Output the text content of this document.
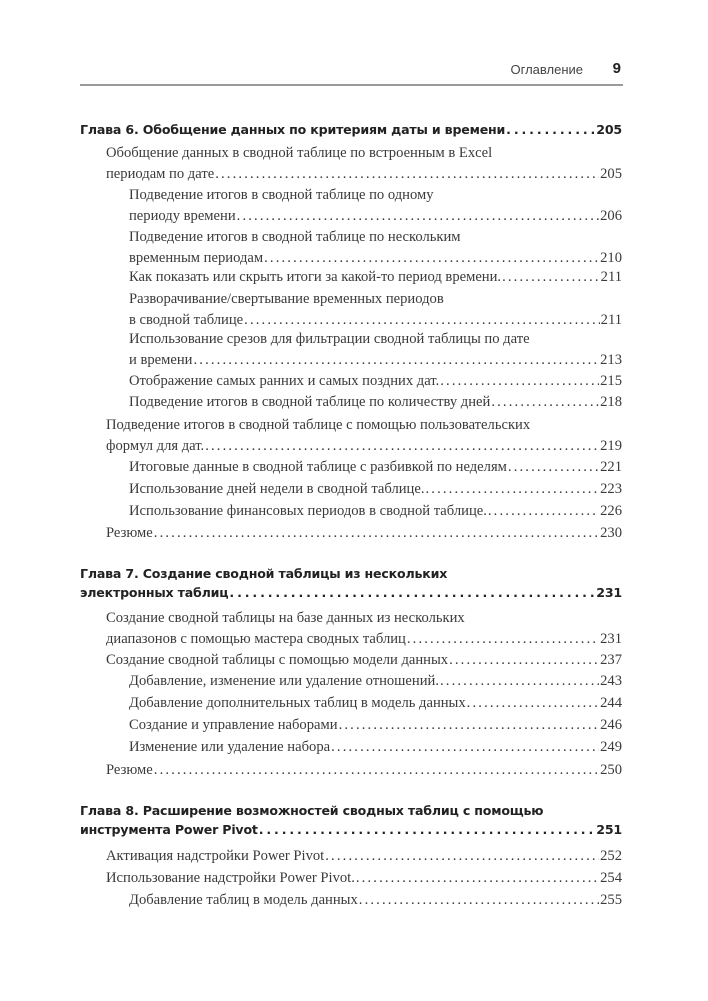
Оглавление 9
Глава 6. Обобщение данных по критериям даты и времени . . .	205
Обобщение данных в сводной таблице по встроенным в Excel
периодам по дате . . .	205
Подведение итогов в сводной таблице по одному
периоду времени . . .	206
Подведение итогов в сводной таблице по нескольким
временным периодам . . .	210
Как показать или скрыть итоги за какой-то период времени. . . .	211
Разворачивание/свертывание временных периодов
в сводной таблице . . .	211
Использование срезов для фильтрации сводной таблицы по дате
и времени . . .	213
Отображение самых ранних и самых поздних дат. . . .	215
Подведение итогов в сводной таблице по количеству дней . . .	218
Подведение итогов в сводной таблице с помощью пользовательских
формул для дат. . . .	219
Итоговые данные в сводной таблице с разбивкой по неделям . . .	221
Использование дней недели в сводной таблице. . . .	223
Использование финансовых периодов в сводной таблице. . . .	226
Резюме . . .	230
Глава 7. Создание сводной таблицы из нескольких
электронных таблиц . . .	231
Создание сводной таблицы на базе данных из нескольких
диапазонов с помощью мастера сводных таблиц . . .	231
Создание сводной таблицы с помощью модели данных . . .	237
Добавление, изменение или удаление отношений. . . .	243
Добавление дополнительных таблиц в модель данных . . .	244
Создание и управление наборами . . .	246
Изменение или удаление набора . . .	249
Резюме . . .	250
Глава 8. Расширение возможностей сводных таблиц с помощью
инструмента Power Pivot . . .	251
Активация надстройки Power Pivot . . .	252
Использование надстройки Power Pivot. . . .	254
Добавление таблиц в модель данных . . .	255
